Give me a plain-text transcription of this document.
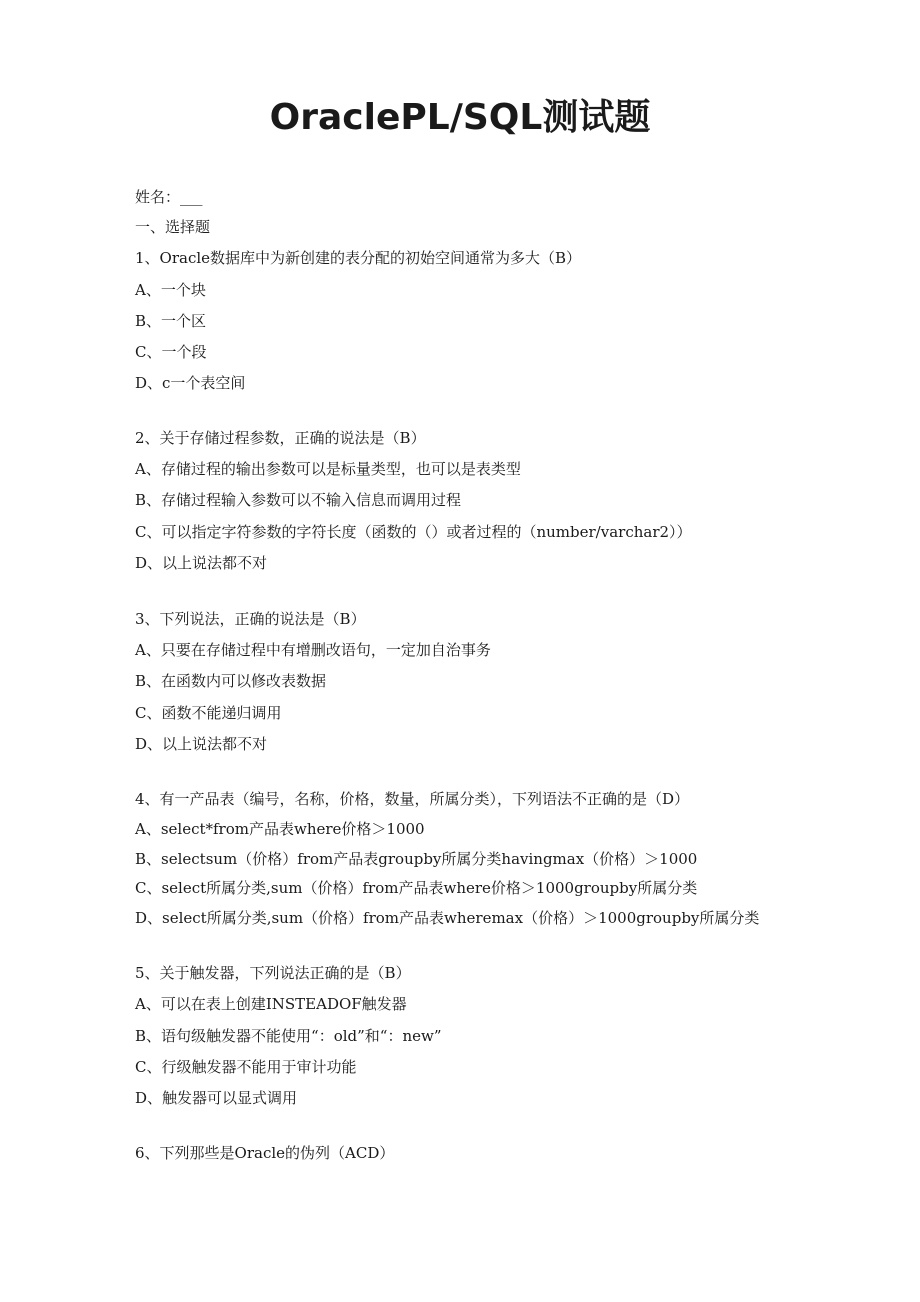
OraclePL/SQL测试题
姓名：___
一、选择题
1、Oracle数据库中为新创建的表分配的初始空间通常为多大（B）
A、一个块
B、一个区
C、一个段
D、c一个表空间
2、关于存储过程参数，正确的说法是（B）
A、存储过程的输出参数可以是标量类型，也可以是表类型
B、存储过程输入参数可以不输入信息而调用过程
C、可以指定字符参数的字符长度（函数的（）或者过程的（number/varchar2））
D、以上说法都不对
3、下列说法，正确的说法是（B）
A、只要在存储过程中有增删改语句，一定加自治事务
B、在函数内可以修改表数据
C、函数不能递归调用
D、以上说法都不对
4、有一产品表（编号，名称，价格，数量，所属分类），下列语法不正确的是（D）
A、select*from产品表where价格＞1000
B、selectsum（价格）from产品表groupby所属分类havingmax（价格）＞1000
C、select所属分类,sum（价格）from产品表where价格＞1000groupby所属分类
D、select所属分类,sum（价格）from产品表wheremax（价格）＞1000groupby所属分类
5、关于触发器，下列说法正确的是（B）
A、可以在表上创建INSTEADOF触发器
B、语句级触发器不能使用“：old”和“：new”
C、行级触发器不能用于审计功能
D、触发器可以显式调用
6、下列那些是Oracle的伪列（ACD）
